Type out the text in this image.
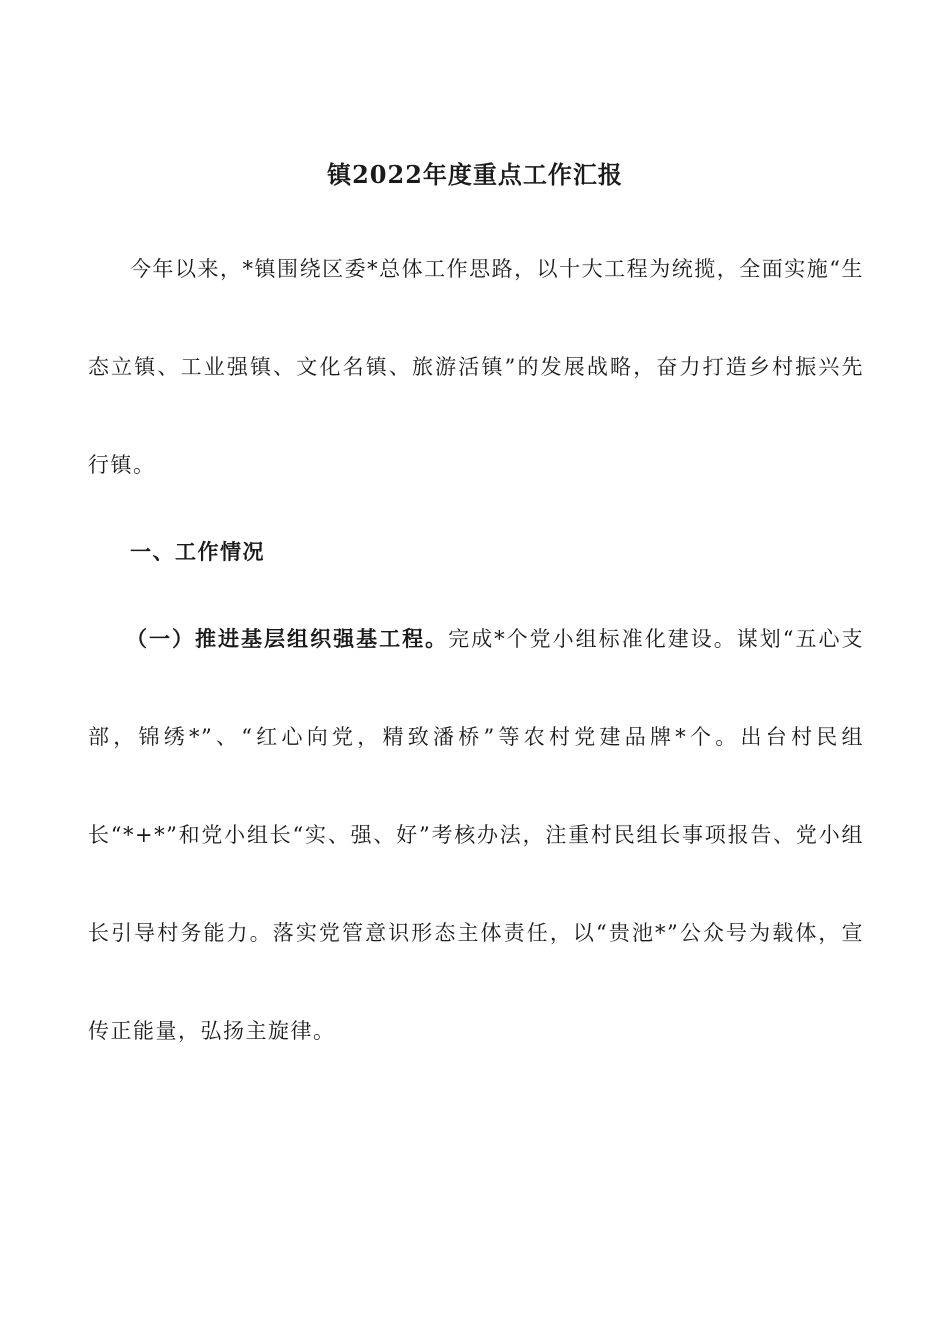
镇2022年度重点工作汇报

今年以来，*镇围绕区委*总体工作思路，以十大工程为统揽，全面实施“生态立镇、工业强镇、文化名镇、旅游活镇”的发展战略，奋力打造乡村振兴先行镇。

一、工作情况

（一）推进基层组织强基工程。完成*个党小组标准化建设。谋划“五心支部，锦绣*”、“红心向党，精致潘桥”等农村党建品牌*个。出台村民组长“*+*”和党小组长“实、强、好”考核办法，注重村民组长事项报告、党小组长引导村务能力。落实党管意识形态主体责任，以“贵池*”公众号为载体，宣传正能量，弘扬主旋律。
